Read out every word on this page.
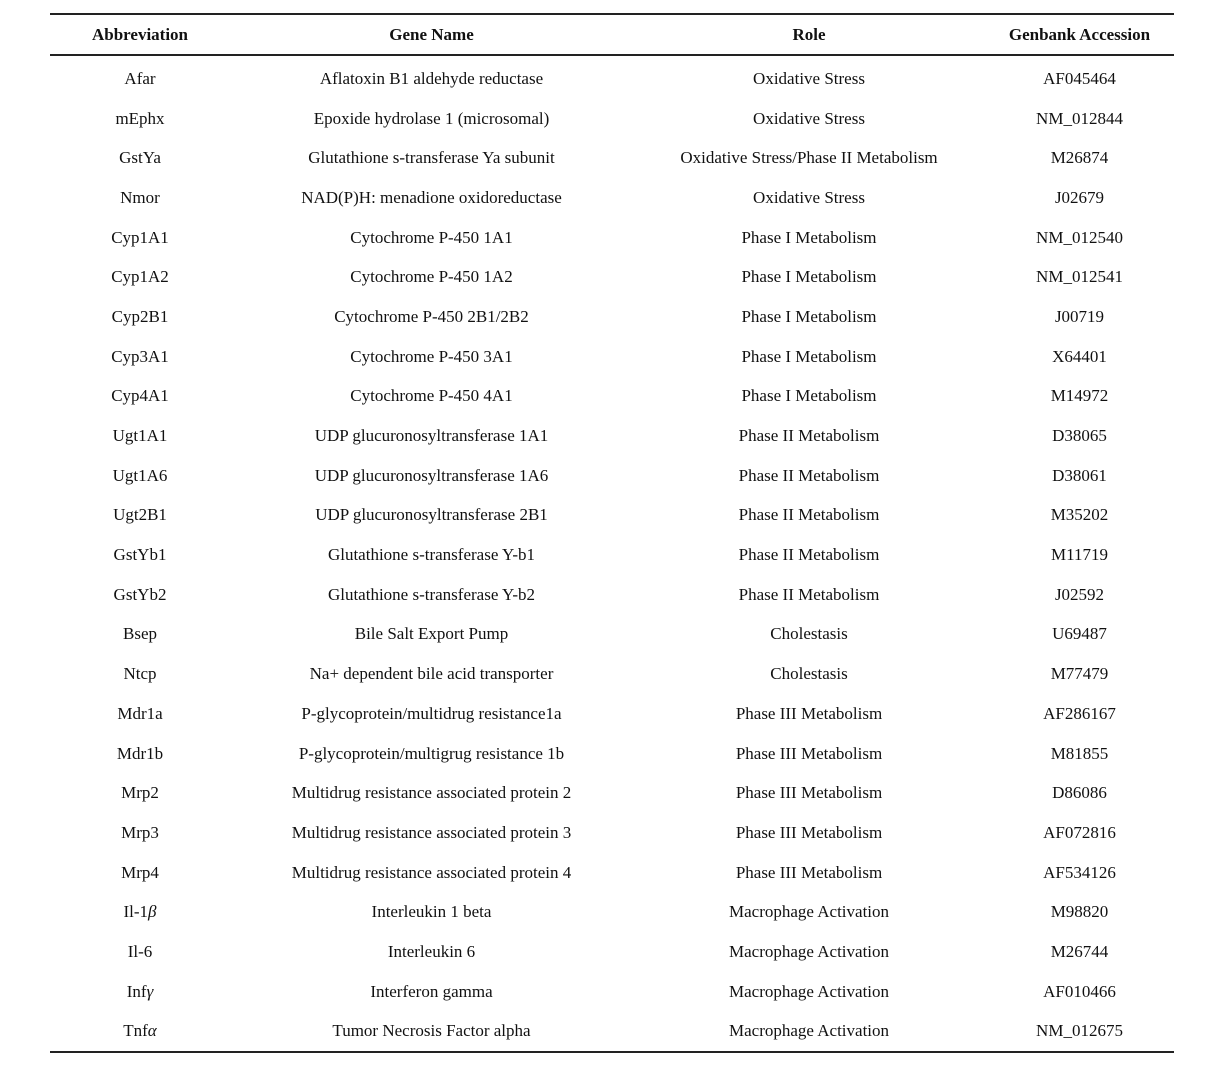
Abbreviation	Gene Name	Role	Genbank Accession
Afar	Aflatoxin B1 aldehyde reductase	Oxidative Stress	AF045464
mEphx	Epoxide hydrolase 1 (microsomal)	Oxidative Stress	NM_012844
GstYa	Glutathione s-transferase Ya subunit	Oxidative Stress/Phase II Metabolism	M26874
Nmor	NAD(P)H: menadione oxidoreductase	Oxidative Stress	J02679
Cyp1A1	Cytochrome P-450 1A1	Phase I Metabolism	NM_012540
Cyp1A2	Cytochrome P-450 1A2	Phase I Metabolism	NM_012541
Cyp2B1	Cytochrome P-450 2B1/2B2	Phase I Metabolism	J00719
Cyp3A1	Cytochrome P-450 3A1	Phase I Metabolism	X64401
Cyp4A1	Cytochrome P-450 4A1	Phase I Metabolism	M14972
Ugt1A1	UDP glucuronosyltransferase 1A1	Phase II Metabolism	D38065
Ugt1A6	UDP glucuronosyltransferase 1A6	Phase II Metabolism	D38061
Ugt2B1	UDP glucuronosyltransferase 2B1	Phase II Metabolism	M35202
GstYb1	Glutathione s-transferase Y-b1	Phase II Metabolism	M11719
GstYb2	Glutathione s-transferase Y-b2	Phase II Metabolism	J02592
Bsep	Bile Salt Export Pump	Cholestasis	U69487
Ntcp	Na+ dependent bile acid transporter	Cholestasis	M77479
Mdr1a	P-glycoprotein/multidrug resistance1a	Phase III Metabolism	AF286167
Mdr1b	P-glycoprotein/multigrug resistance 1b	Phase III Metabolism	M81855
Mrp2	Multidrug resistance associated protein 2	Phase III Metabolism	D86086
Mrp3	Multidrug resistance associated protein 3	Phase III Metabolism	AF072816
Mrp4	Multidrug resistance associated protein 4	Phase III Metabolism	AF534126
Il-1β	Interleukin 1 beta	Macrophage Activation	M98820
Il-6	Interleukin 6	Macrophage Activation	M26744
Infγ	Interferon gamma	Macrophage Activation	AF010466
Tnfα	Tumor Necrosis Factor alpha	Macrophage Activation	NM_012675
